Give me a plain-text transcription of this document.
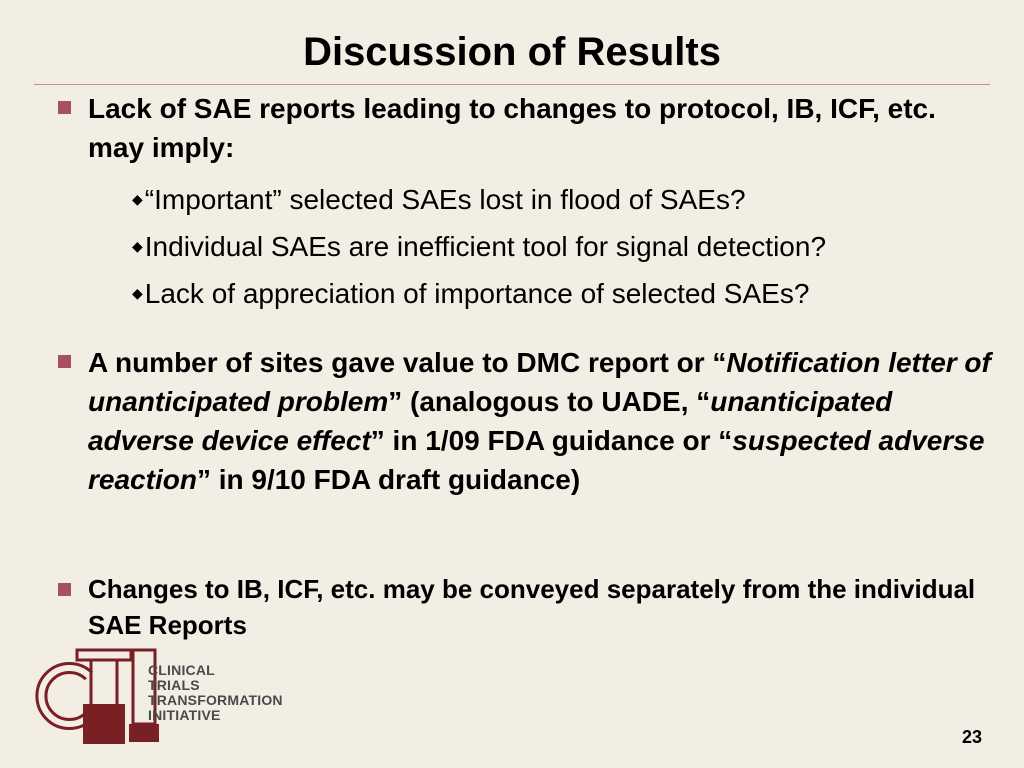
Discussion of Results
Lack of SAE reports leading to changes to protocol, IB, ICF, etc. may imply:
◆“Important” selected SAEs lost in flood of SAEs?
◆Individual SAEs are inefficient tool for signal detection?
◆Lack of appreciation of importance of selected SAEs?
A number of sites gave value to DMC report or “Notification letter of unanticipated problem” (analogous to UADE, “unanticipated adverse device effect” in 1/09 FDA guidance or “suspected adverse reaction” in 9/10 FDA draft guidance)
Changes to IB, ICF, etc. may be conveyed separately from the individual SAE Reports
CLINICAL
TRIALS
TRANSFORMATION
INITIATIVE
23
